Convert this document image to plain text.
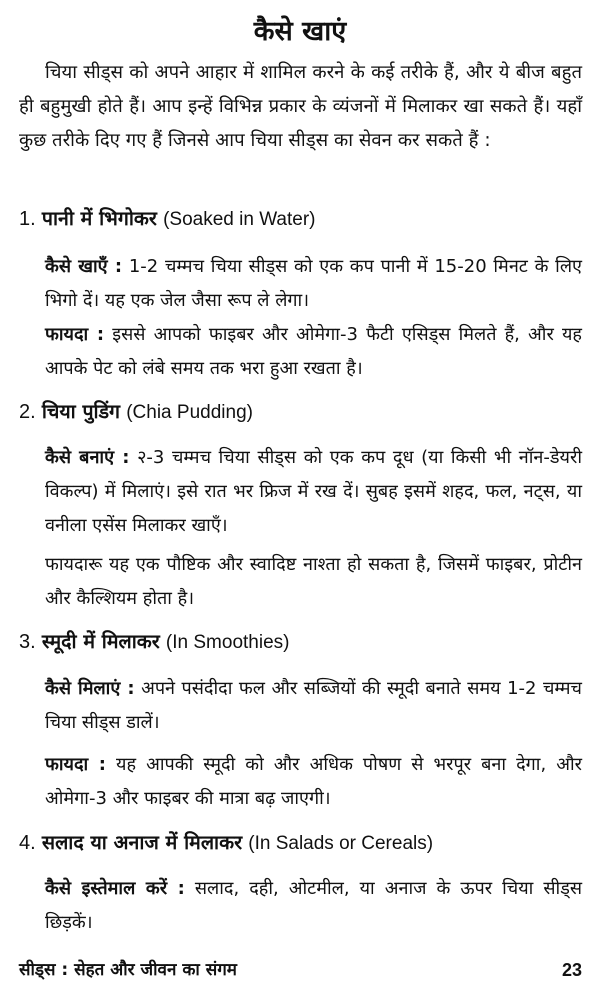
कैसे खाएं

चिया सीड्स को अपने आहार में शामिल करने के कई तरीके हैं, और ये बीज बहुत ही बहुमुखी होते हैं। आप इन्हें विभिन्न प्रकार के व्यंजनों में मिलाकर खा सकते हैं। यहाँ कुछ तरीके दिए गए हैं जिनसे आप चिया सीड्स का सेवन कर सकते हैं :

1. पानी में भिगोकर (Soaked in Water)

कैसे खाएँ : 1-2 चम्मच चिया सीड्स को एक कप पानी में 15-20 मिनट के लिए भिगो दें। यह एक जेल जैसा रूप ले लेगा।

फायदा : इससे आपको फाइबर और ओमेगा-3 फैटी एसिड्स मिलते हैं, और यह आपके पेट को लंबे समय तक भरा हुआ रखता है।

2. चिया पुडिंग (Chia Pudding)

कैसे बनाएं : २-3 चम्मच चिया सीड्स को एक कप दूध (या किसी भी नॉन-डेयरी विकल्प) में मिलाएं। इसे रात भर फ्रिज में रख दें। सुबह इसमें शहद, फल, नट्स, या वनीला एसेंस मिलाकर खाएँ।

फायदारू यह एक पौष्टिक और स्वादिष्ट नाश्ता हो सकता है, जिसमें फाइबर, प्रोटीन और कैल्शियम होता है।

3. स्मूदी में मिलाकर (In Smoothies)

कैसे मिलाएं : अपने पसंदीदा फल और सब्जियों की स्मूदी बनाते समय 1-2 चम्मच चिया सीड्स डालें।

फायदा : यह आपकी स्मूदी को और अधिक पोषण से भरपूर बना देगा, और ओमेगा-3 और फाइबर की मात्रा बढ़ जाएगी।

4. सलाद या अनाज में मिलाकर (In Salads or Cereals)

कैसे इस्तेमाल करें : सलाद, दही, ओटमील, या अनाज के ऊपर चिया सीड्स छिड़कें।

सीड्स : सेहत और जीवन का संगम	23
